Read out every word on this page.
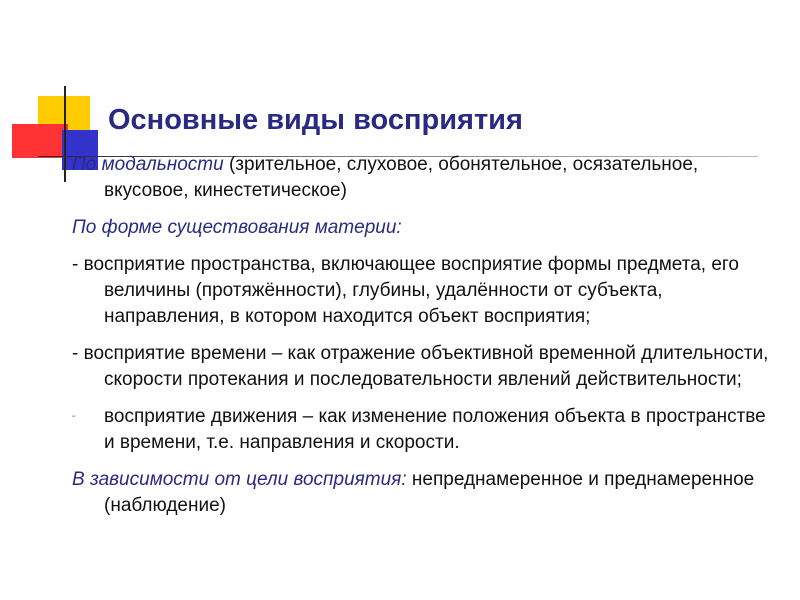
Основные виды восприятия

По модальности (зрительное, слуховое, обонятельное, осязательное, вкусовое, кинестетическое)

По форме существования материи:

- восприятие пространства, включающее восприятие формы предмета, его величины (протяжённости), глубины, удалённости от субъекта, направления, в котором находится объект восприятия;

- восприятие времени – как отражение объективной временной длительности, скорости протекания и последовательности явлений действительности;

- восприятие движения – как изменение положения объекта в пространстве и времени, т.е. направления и скорости.

В зависимости от цели восприятия: непреднамеренное и преднамеренное (наблюдение)
